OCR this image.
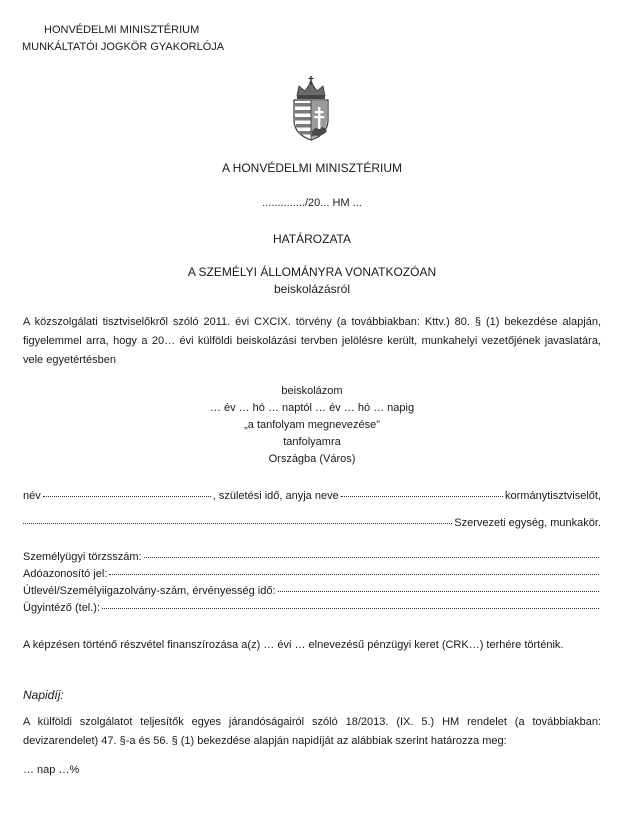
HONVÉDELMI MINISZTÉRIUM
MUNKÁLTATÓI JOGKÖR GYAKORLÓJA
A HONVÉDELMI MINISZTÉRIUM
............../20... HM ...
HATÁROZATA
A SZEMÉLYI ÁLLOMÁNYRA VONATKOZÓAN
beiskolázásról
A közszolgálati tisztviselőkről szóló 2011. évi CXCIX. törvény (a továbbiakban: Kttv.) 80. § (1) bekezdése alapján, figyelemmel arra, hogy a 20… évi külföldi beiskolázási tervben jelölésre került, munkahelyi vezetőjének javaslatára, vele egyetértésben
beiskolázom
… év … hó … naptól … év … hó … napig
„a tanfolyam megnevezése”
tanfolyamra
Országba (Város)
név	, születési idő, anyja neve	kormánytisztviselőt,
Szervezeti egység, munkakör.
Személyügyi törzsszám:
Adóazonosító jel:
Útlevél/Személyiigazolvány-szám, érvényesség idő:
Ügyintéző (tel.):
A képzésen történő részvétel finanszírozása a(z) … évi … elnevezésű pénzügyi keret (CRK…) terhére történik.
Napidíj:
A külföldi szolgálatot teljesítők egyes járandóságairól szóló 18/2013. (IX. 5.) HM rendelet (a továbbiakban: devizarendelet) 47. §-a és 56. § (1) bekezdése alapján napidíját az alábbiak szerint határozza meg:
… nap …%
